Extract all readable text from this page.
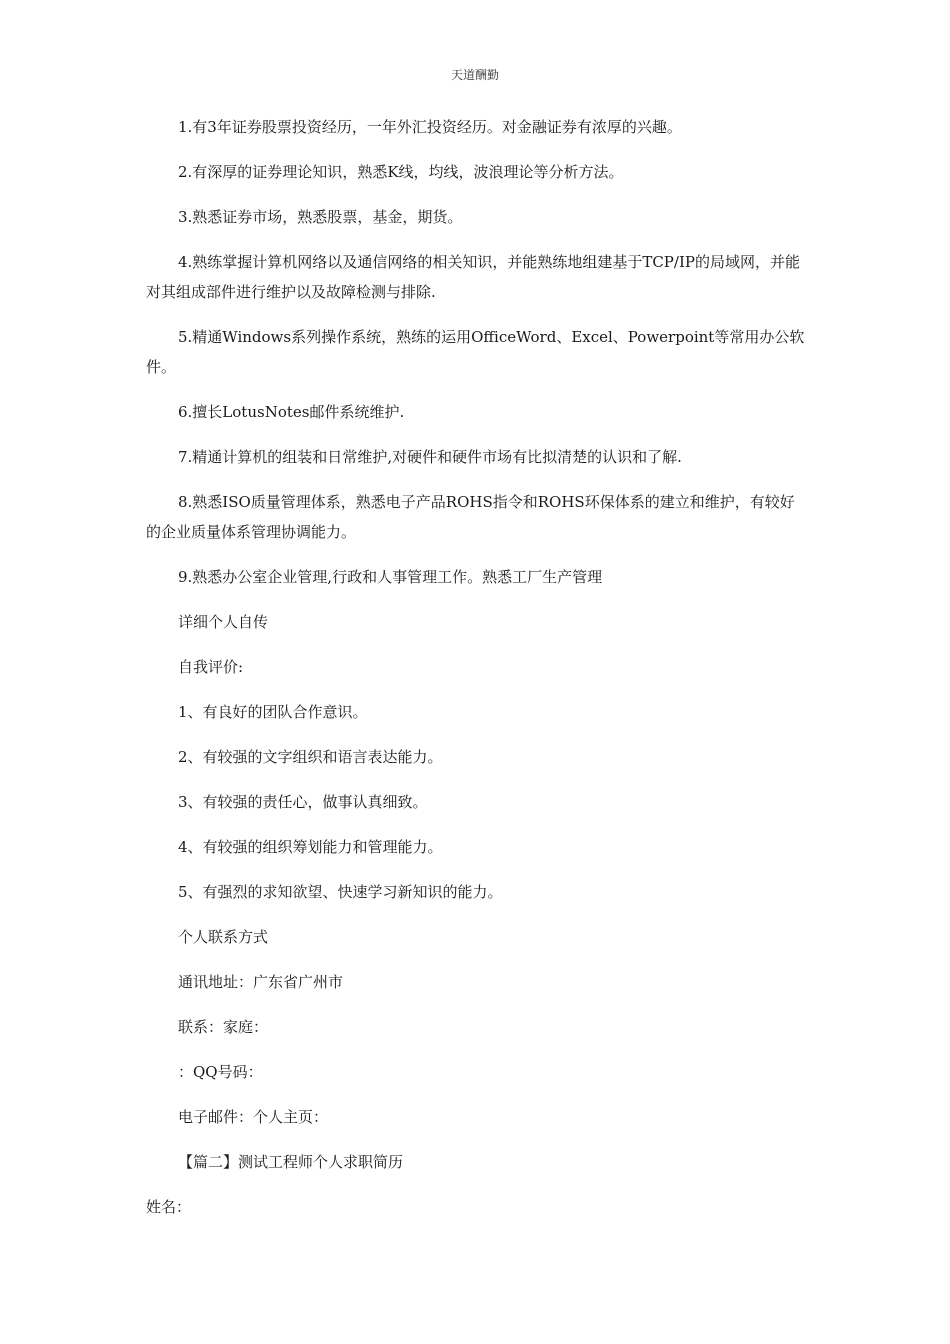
天道酬勤

1.有3年证券股票投资经历，一年外汇投资经历。对金融证券有浓厚的兴趣。

2.有深厚的证券理论知识，熟悉K线，均线，波浪理论等分析方法。

3.熟悉证券市场，熟悉股票，基金，期货。

4.熟练掌握计算机网络以及通信网络的相关知识，并能熟练地组建基于TCP/IP的局域网，并能对其组成部件进行维护以及故障检测与排除.

5.精通Windows系列操作系统，熟练的运用OfficeWord、Excel、Powerpoint等常用办公软件。

6.擅长LotusNotes邮件系统维护.

7.精通计算机的组装和日常维护,对硬件和硬件市场有比拟清楚的认识和了解.

8.熟悉ISO质量管理体系，熟悉电子产品ROHS指令和ROHS环保体系的建立和维护，有较好的企业质量体系管理协调能力。

9.熟悉办公室企业管理,行政和人事管理工作。熟悉工厂生产管理

详细个人自传

自我评价:

1、有良好的团队合作意识。

2、有较强的文字组织和语言表达能力。

3、有较强的责任心，做事认真细致。

4、有较强的组织筹划能力和管理能力。

5、有强烈的求知欲望、快速学习新知识的能力。

个人联系方式

通讯地址：广东省广州市

联系：家庭：

：QQ号码：

电子邮件：个人主页：

【篇二】测试工程师个人求职简历

姓名：
